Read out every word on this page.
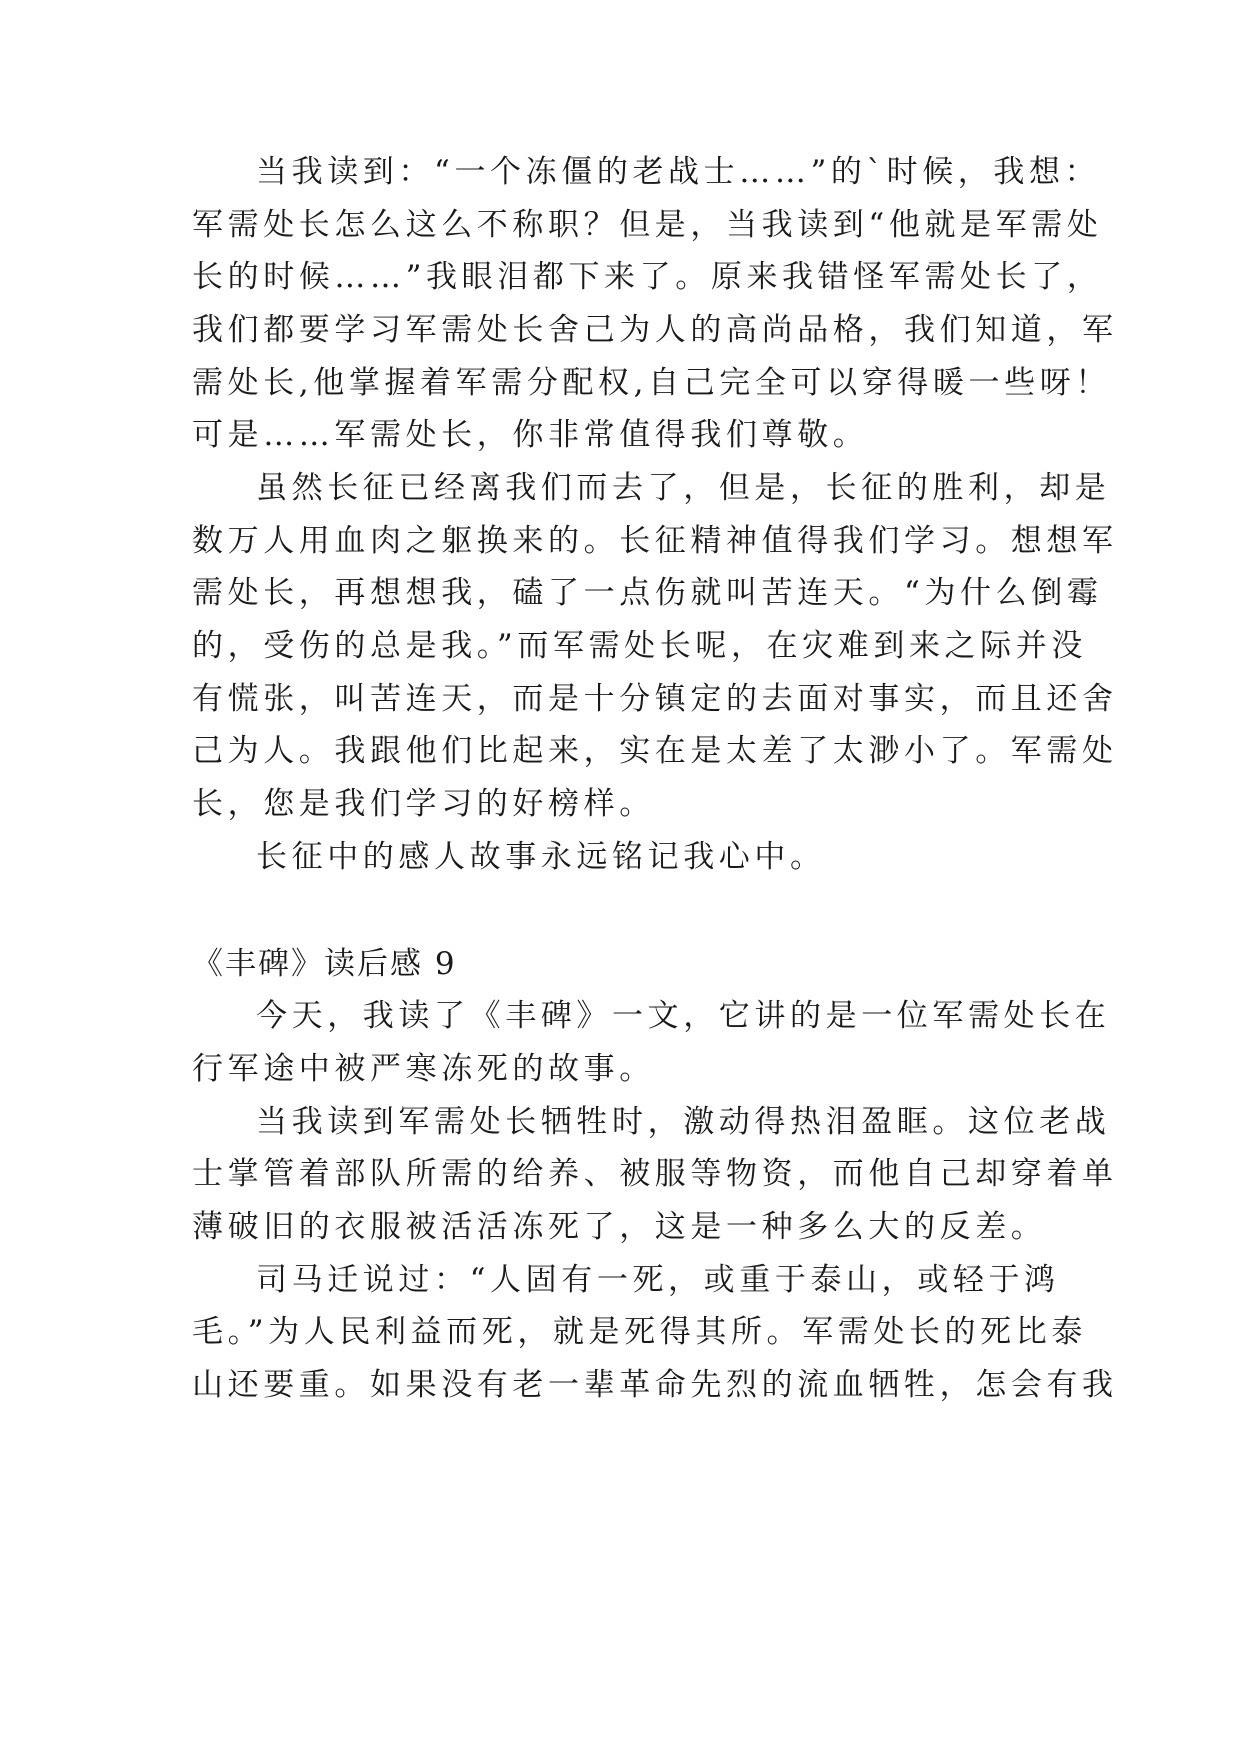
当我读到：“一个冻僵的老战士……”的`时候，我想：
军需处长怎么这么不称职？但是，当我读到“他就是军需处
长的时候……”我眼泪都下来了。原来我错怪军需处长了，
我们都要学习军需处长舍己为人的高尚品格，我们知道，军
需处长,他掌握着军需分配权,自己完全可以穿得暖一些呀！
可是……军需处长，你非常值得我们尊敬。
虽然长征已经离我们而去了，但是，长征的胜利，却是
数万人用血肉之躯换来的。长征精神值得我们学习。想想军
需处长，再想想我，磕了一点伤就叫苦连天。“为什么倒霉
的，受伤的总是我。”而军需处长呢，在灾难到来之际并没
有慌张，叫苦连天，而是十分镇定的去面对事实，而且还舍
己为人。我跟他们比起来，实在是太差了太渺小了。军需处
长，您是我们学习的好榜样。
长征中的感人故事永远铭记我心中。
《丰碑》读后感 9
今天，我读了《丰碑》一文，它讲的是一位军需处长在
行军途中被严寒冻死的故事。
当我读到军需处长牺牲时，激动得热泪盈眶。这位老战
士掌管着部队所需的给养、被服等物资，而他自己却穿着单
薄破旧的衣服被活活冻死了，这是一种多么大的反差。
司马迁说过：“人固有一死，或重于泰山，或轻于鸿
毛。”为人民利益而死，就是死得其所。军需处长的死比泰
山还要重。如果没有老一辈革命先烈的流血牺牲，怎会有我
